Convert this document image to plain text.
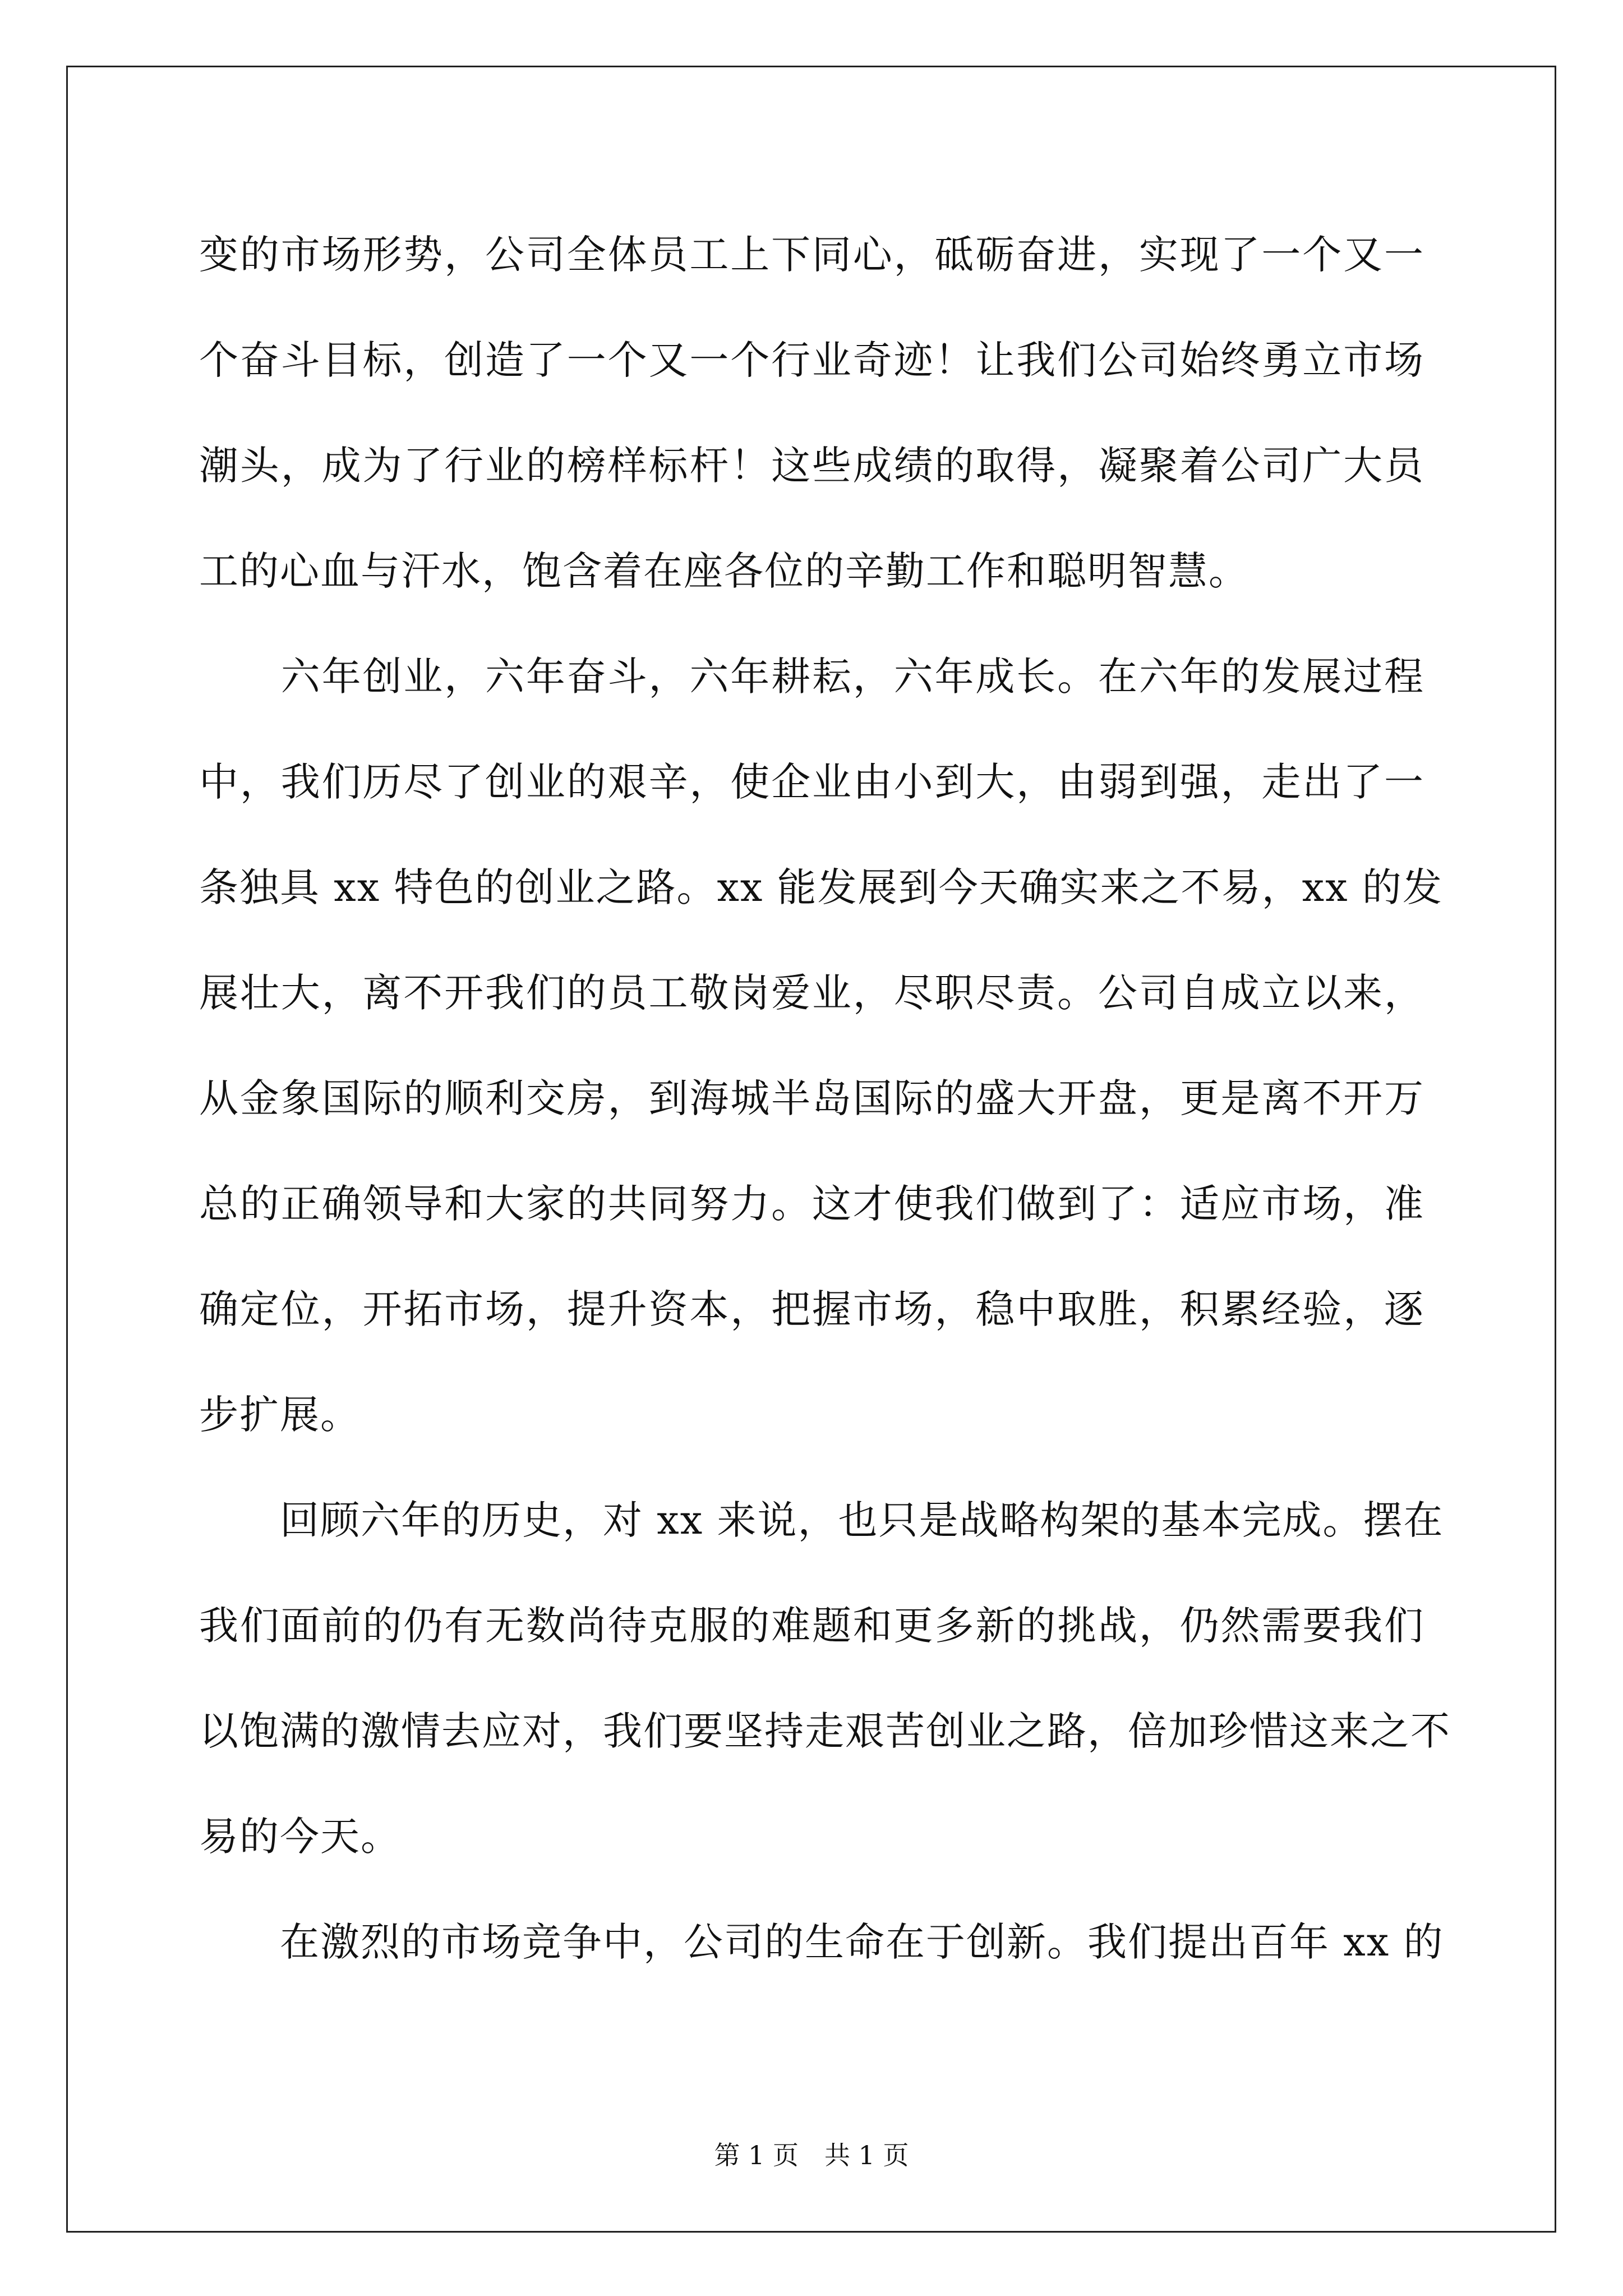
变的市场形势，公司全体员工上下同心，砥砺奋进，实现了一个又一
个奋斗目标，创造了一个又一个行业奇迹！让我们公司始终勇立市场
潮头，成为了行业的榜样标杆！这些成绩的取得，凝聚着公司广大员
工的心血与汗水，饱含着在座各位的辛勤工作和聪明智慧。
　　六年创业，六年奋斗，六年耕耘，六年成长。在六年的发展过程
中，我们历尽了创业的艰辛，使企业由小到大，由弱到强，走出了一
条独具 xx 特色的创业之路。xx 能发展到今天确实来之不易，xx 的发
展壮大，离不开我们的员工敬岗爱业，尽职尽责。公司自成立以来，
从金象国际的顺利交房，到海城半岛国际的盛大开盘，更是离不开万
总的正确领导和大家的共同努力。这才使我们做到了：适应市场，准
确定位，开拓市场，提升资本，把握市场，稳中取胜，积累经验，逐
步扩展。
　　回顾六年的历史，对 xx 来说，也只是战略构架的基本完成。摆在
我们面前的仍有无数尚待克服的难题和更多新的挑战，仍然需要我们
以饱满的激情去应对，我们要坚持走艰苦创业之路，倍加珍惜这来之不
易的今天。
　　在激烈的市场竞争中，公司的生命在于创新。我们提出百年 xx 的
第 1 页　共 1 页
